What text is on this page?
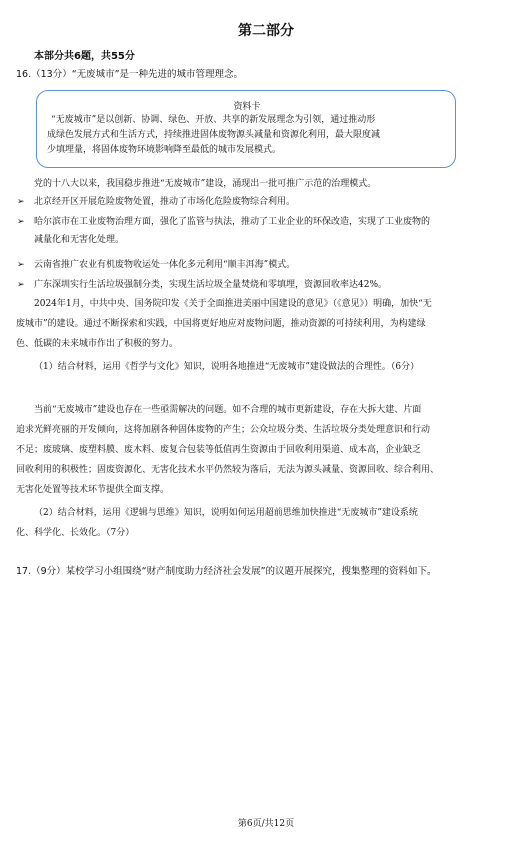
第二部分
本部分共6题，共55分
16.（13分）“无废城市”是一种先进的城市管理理念。
资料卡
“无废城市”是以创新、协调、绿色、开放、共享的新发展理念为引领，通过推动形
成绿色发展方式和生活方式，持续推进固体废物源头减量和资源化利用，最大限度减
少填埋量，将固体废物环境影响降至最低的城市发展模式。
党的十八大以来，我国稳步推进“无废城市”建设，涌现出一批可推广示范的治理模式。
➢ 北京经开区开展危险废物处置，推动了市场化危险废物综合利用。
➢ 哈尔滨市在工业废物治理方面，强化了监管与执法，推动了工业企业的环保改造，实现了工业废物的
减量化和无害化处理。
➢ 云南省推广农业有机废物收运处一体化多元利用“顺丰洱海”模式。
➢ 广东深圳实行生活垃圾强制分类，实现生活垃圾全量焚烧和零填埋，资源回收率达42%。
2024年1月，中共中央、国务院印发《关于全面推进美丽中国建设的意见》（《意见》）明确，加快“无
废城市”的建设。通过不断探索和实践，中国将更好地应对废物问题，推动资源的可持续利用，为构建绿
色、低碳的未来城市作出了积极的努力。
（1）结合材料，运用《哲学与文化》知识，说明各地推进“无废城市”建设做法的合理性。（6分）
当前“无废城市”建设也存在一些亟需解决的问题。如不合理的城市更新建设，存在大拆大建、片面
追求光鲜亮丽的开发倾向，这将加剧各种固体废物的产生；公众垃圾分类、生活垃圾分类处理意识和行动
不足；废玻璃、废塑料膜、废木料、废复合包装等低值再生资源由于回收利用渠道、成本高，企业缺乏
回收利用的积极性；固废资源化、无害化技术水平仍然较为落后，无法为源头减量、资源回收、综合利用、
无害化处置等技术环节提供全面支撑。
（2）结合材料，运用《逻辑与思维》知识，说明如何运用超前思维加快推进“无废城市”建设系统
化、科学化、长效化。（7分）
17.（9分）某校学习小组围绕“财产制度助力经济社会发展”的议题开展探究，搜集整理的资料如下。
第6页/共12页
